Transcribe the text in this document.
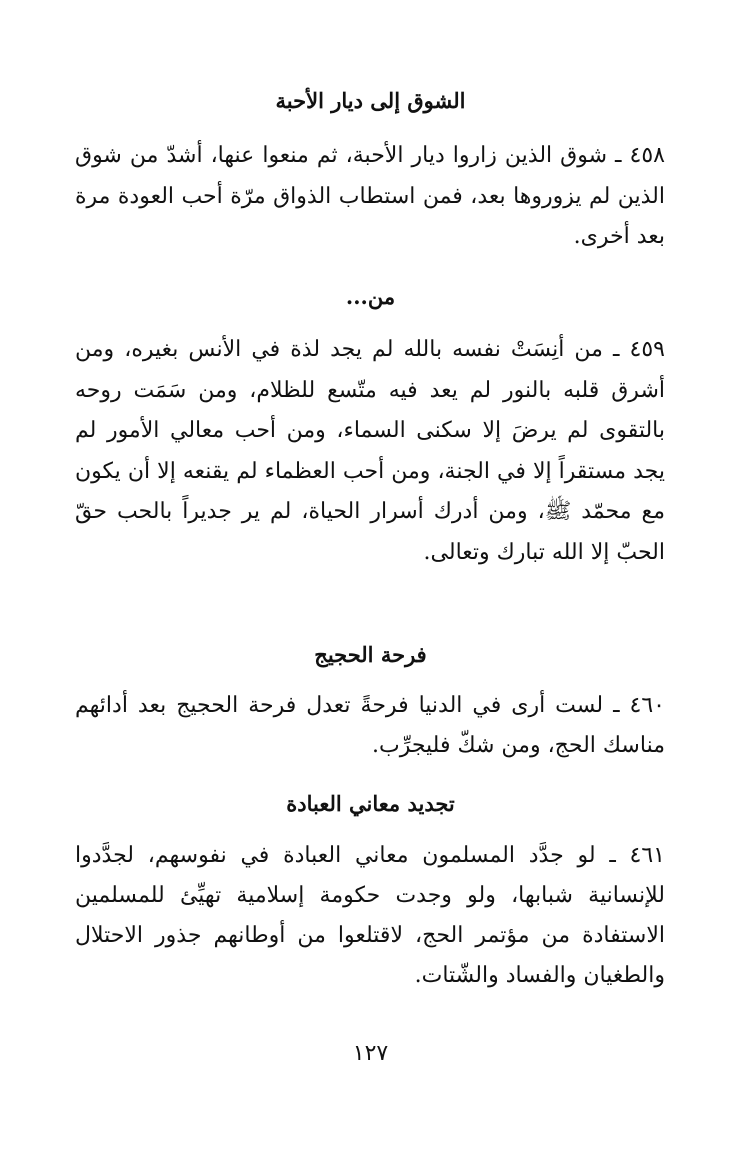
الشوق إلى ديار الأحبة

٤٥٨ ـ شوق الذين زاروا ديار الأحبة، ثم منعوا عنها، أشدّ من شوق الذين لم يزوروها بعد، فمن استطاب الذواق مرّة أحب العودة مرة بعد أخرى.

من...

٤٥٩ ـ من أنِسَتْ نفسه بالله لم يجد لذة في الأنس بغيره، ومن أشرق قلبه بالنور لم يعد فيه متّسع للظلام، ومن سَمَت روحه بالتقوى لم يرضَ إلا سكنى السماء، ومن أحب معالي الأمور لم يجد مستقراً إلا في الجنة، ومن أحب العظماء لم يقنعه إلا أن يكون مع محمّد ﷺ، ومن أدرك أسرار الحياة، لم ير جديراً بالحب حقّ الحبّ إلا الله تبارك وتعالى.

فرحة الحجيج

٤٦٠ ـ لست أرى في الدنيا فرحةً تعدل فرحة الحجيج بعد أدائهم مناسك الحج، ومن شكّ فليجرِّب.

تجديد معاني العبادة

٤٦١ ـ لو جدَّد المسلمون معاني العبادة في نفوسهم، لجدَّدوا للإنسانية شبابها، ولو وجدت حكومة إسلامية تهيِّئ للمسلمين الاستفادة من مؤتمر الحج، لاقتلعوا من أوطانهم جذور الاحتلال والطغيان والفساد والشّتات.

١٢٧
